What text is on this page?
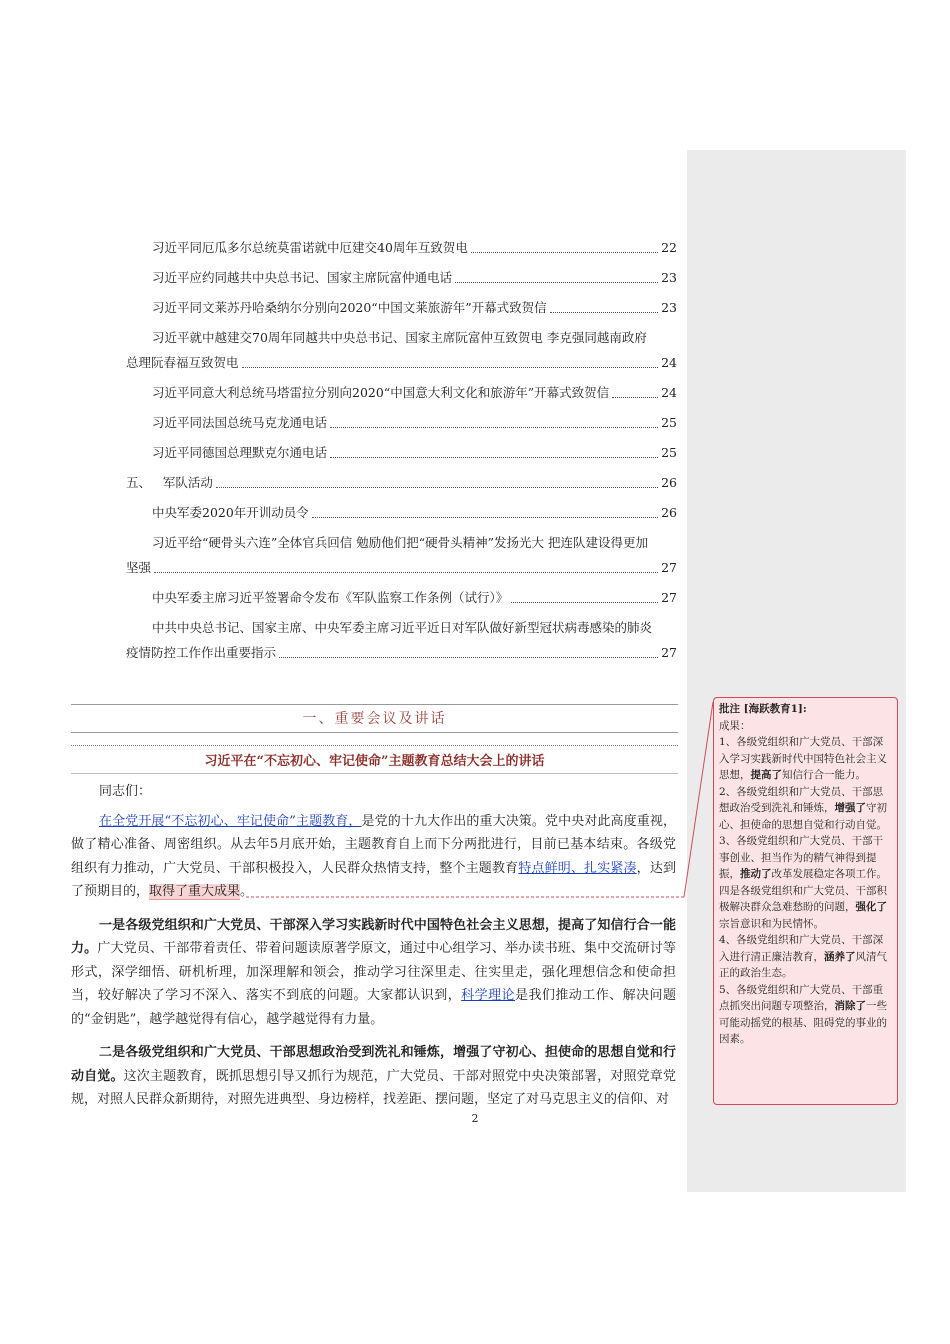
习近平同厄瓜多尔总统莫雷诺就中厄建交40周年互致贺电	22
习近平应约同越共中央总书记、国家主席阮富仲通电话	23
习近平同文莱苏丹哈桑纳尔分别向2020“中国文莱旅游年”开幕式致贺信	23
习近平就中越建交70周年同越共中央总书记、国家主席阮富仲互致贺电 李克强同越南政府
总理阮春福互致贺电	24
习近平同意大利总统马塔雷拉分别向2020“中国意大利文化和旅游年”开幕式致贺信	24
习近平同法国总统马克龙通电话	25
习近平同德国总理默克尔通电话	25
五、   军队活动	26
中央军委2020年开训动员令	26
习近平给“硬骨头六连”全体官兵回信 勉励他们把“硬骨头精神”发扬光大 把连队建设得更加
坚强	27
中央军委主席习近平签署命令发布《军队监察工作条例（试行）》	27
中共中央总书记、国家主席、中央军委主席习近平近日对军队做好新型冠状病毒感染的肺炎
疫情防控工作作出重要指示	27
一、重要会议及讲话
习近平在“不忘初心、牢记使命”主题教育总结大会上的讲话

同志们：

在全党开展“不忘初心、牢记使命”主题教育，是党的十九大作出的重大决策。党中央对此高度重视，做了精心准备、周密组织。从去年5月底开始，主题教育自上而下分两批进行，目前已基本结束。各级党组织有力推动，广大党员、干部积极投入，人民群众热情支持，整个主题教育特点鲜明、扎实紧凑，达到了预期目的，取得了重大成果。

一是各级党组织和广大党员、干部深入学习实践新时代中国特色社会主义思想，提高了知信行合一能力。广大党员、干部带着责任、带着问题读原著学原文，通过中心组学习、举办读书班、集中交流研讨等形式，深学细悟、研机析理，加深理解和领会，推动学习往深里走、往实里走，强化理想信念和使命担当，较好解决了学习不深入、落实不到底的问题。大家都认识到，科学理论是我们推动工作、解决问题的“金钥匙”，越学越觉得有信心，越学越觉得有力量。

二是各级党组织和广大党员、干部思想政治受到洗礼和锤炼，增强了守初心、担使命的思想自觉和行动自觉。这次主题教育，既抓思想引导又抓行为规范，广大党员、干部对照党中央决策部署，对照党章党规，对照人民群众新期待，对照先进典型、身边榜样，找差距、摆问题，坚定了对马克思主义的信仰、对

2

批注 [海跃教育1]:

成果：

1、各级党组织和广大党员、干部深入学习实践新时代中国特色社会主义思想，提高了知信行合一能力。

2、各级党组织和广大党员、干部思想政治受到洗礼和锤炼，增强了守初心、担使命的思想自觉和行动自觉。

3、各级党组织和广大党员、干部干事创业、担当作为的精气神得到提振，推动了改革发展稳定各项工作。

四是各级党组织和广大党员、干部积极解决群众急难愁盼的问题，强化了宗旨意识和为民情怀。

4、各级党组织和广大党员、干部深入进行清正廉洁教育，涵养了风清气正的政治生态。

5、各级党组织和广大党员、干部重点抓突出问题专项整治，消除了一些可能动摇党的根基、阻碍党的事业的因素。
